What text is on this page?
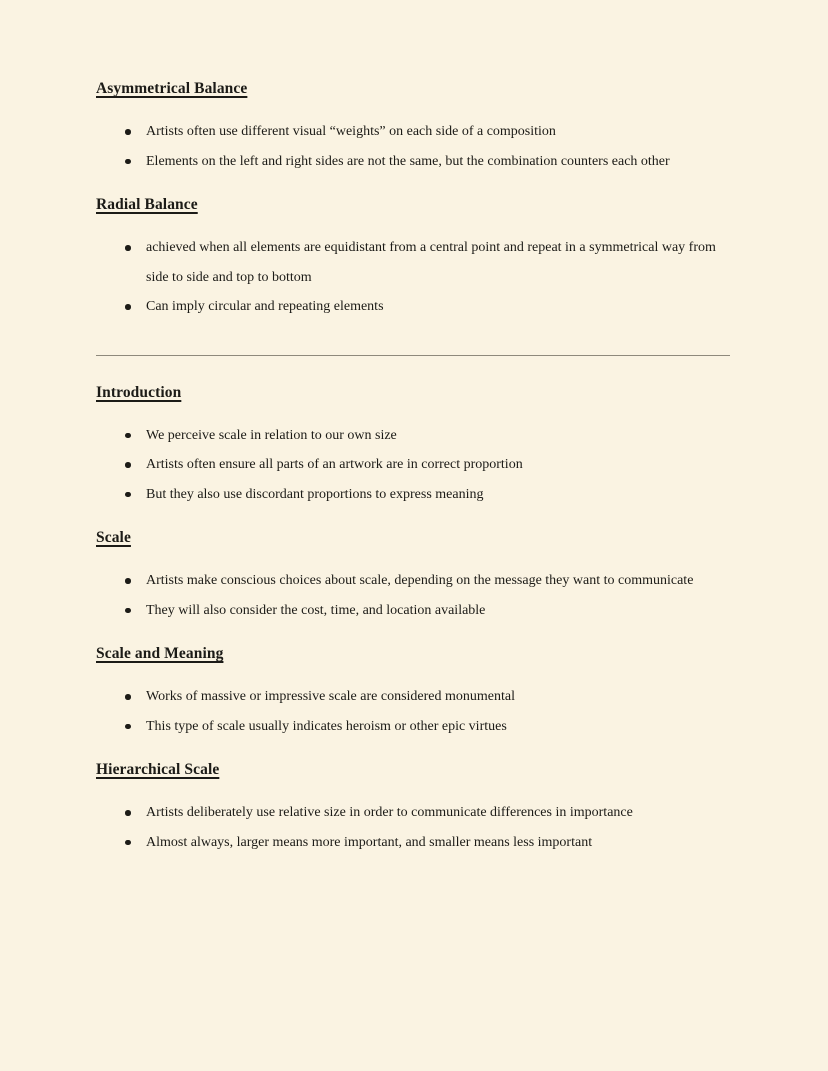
Asymmetrical Balance
Artists often use different visual “weights” on each side of a composition
Elements on the left and right sides are not the same, but the combination counters each other
Radial Balance
achieved when all elements are equidistant from a central point and repeat in a symmetrical way from side to side and top to bottom
Can imply circular and repeating elements
Introduction
We perceive scale in relation to our own size
Artists often ensure all parts of an artwork are in correct proportion
But they also use discordant proportions to express meaning
Scale
Artists make conscious choices about scale, depending on the message they want to communicate
They will also consider the cost, time, and location available
Scale and Meaning
Works of massive or impressive scale are considered monumental
This type of scale usually indicates heroism or other epic virtues
Hierarchical Scale
Artists deliberately use relative size in order to communicate differences in importance
Almost always, larger means more important, and smaller means less important
